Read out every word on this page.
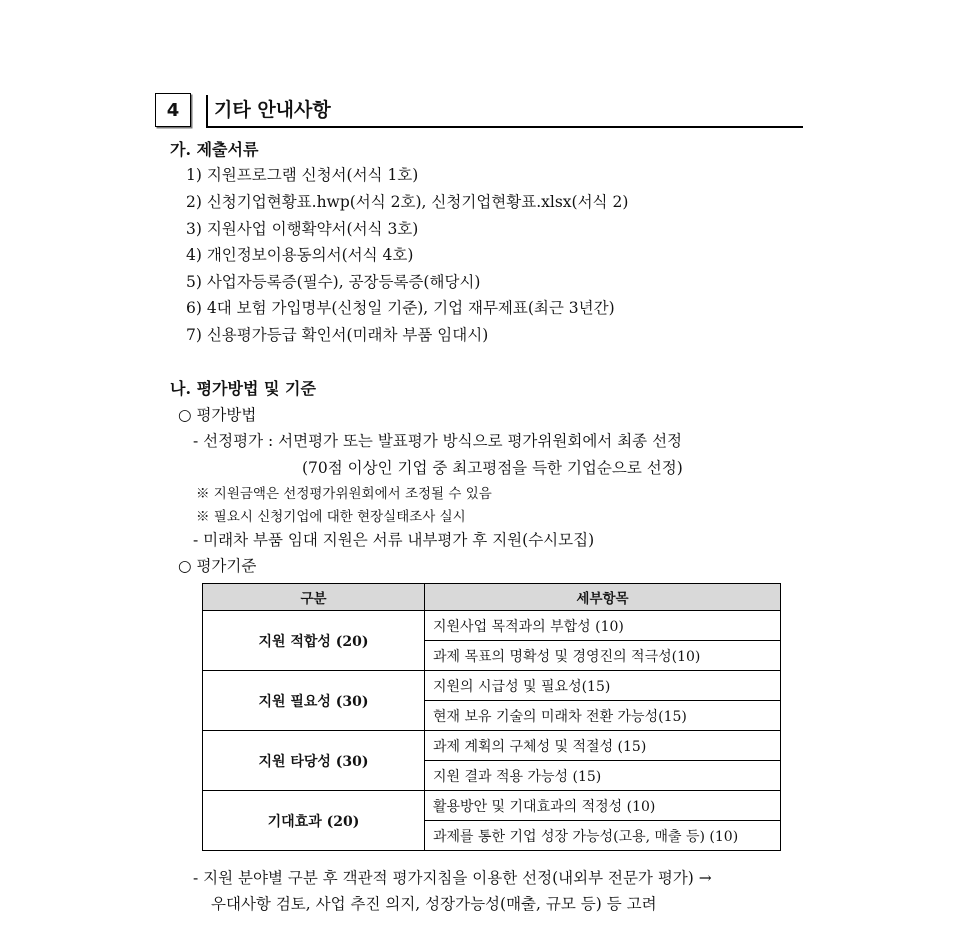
4 기타 안내사항
가. 제출서류
1) 지원프로그램 신청서(서식 1호)
2) 신청기업현황표.hwp(서식 2호), 신청기업현황표.xlsx(서식 2)
3) 지원사업 이행확약서(서식 3호)
4) 개인정보이용동의서(서식 4호)
5) 사업자등록증(필수), 공장등록증(해당시)
6) 4대 보험 가입명부(신청일 기준), 기업 재무제표(최근 3년간)
7) 신용평가등급 확인서(미래차 부품 임대시)
나. 평가방법 및 기준
○ 평가방법
- 선정평가 : 서면평가 또는 발표평가 방식으로 평가위원회에서 최종 선정
(70점 이상인 기업 중 최고평점을 득한 기업순으로 선정)
※ 지원금액은 선정평가위원회에서 조정될 수 있음
※ 필요시 신청기업에 대한 현장실태조사 실시
- 미래차 부품 임대 지원은 서류 내부평가 후 지원(수시모집)
○ 평가기준
구분	세부항목
지원 적합성 (20)	지원사업 목적과의 부합성 (10)
	과제 목표의 명확성 및 경영진의 적극성(10)
지원 필요성 (30)	지원의 시급성 및 필요성(15)
	현재 보유 기술의 미래차 전환 가능성(15)
지원 타당성 (30)	과제 계획의 구체성 및 적절성 (15)
	지원 결과 적용 가능성 (15)
기대효과 (20)	활용방안 및 기대효과의 적정성 (10)
	과제를 통한 기업 성장 가능성(고용, 매출 등) (10)
- 지원 분야별 구분 후 객관적 평가지침을 이용한 선정(내외부 전문가 평가) →
우대사항 검토, 사업 추진 의지, 성장가능성(매출, 규모 등) 등 고려
